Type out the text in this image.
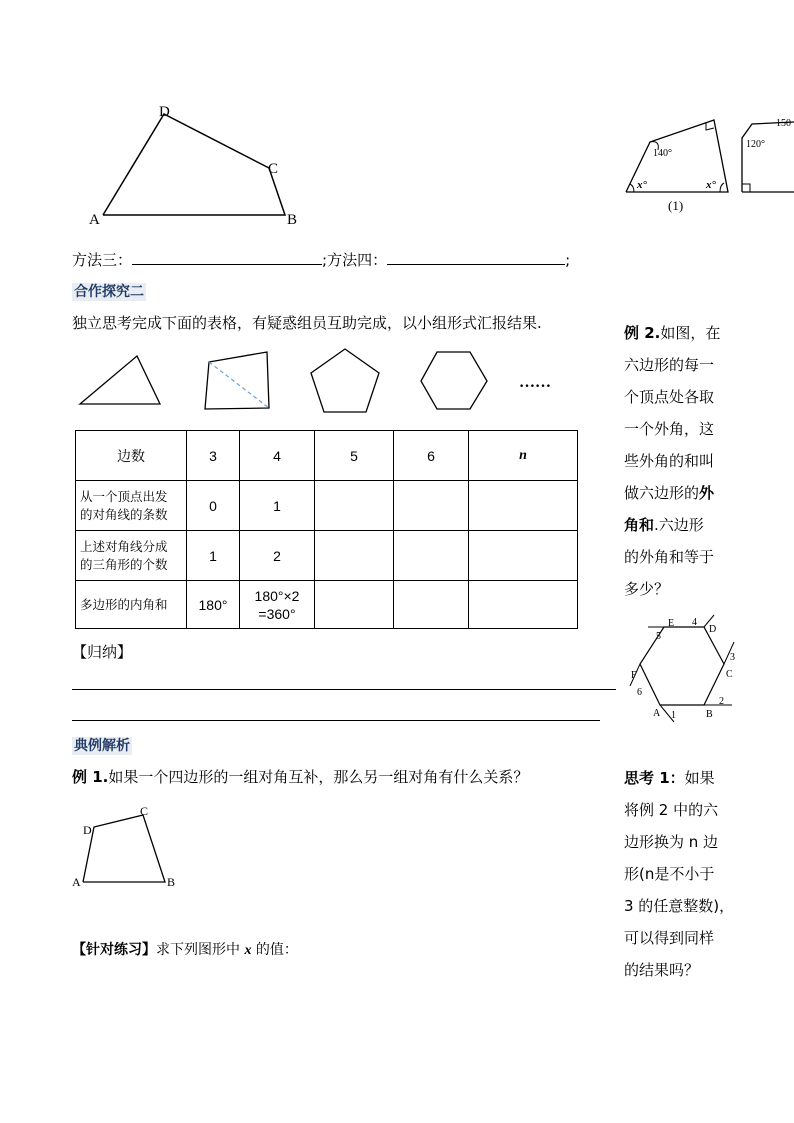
D
C
A	B
方法三：	;方法四：	;
合作探究二
独立思考完成下面的表格，有疑惑组员互助完成，以小组形式汇报结果.
……
边数	3	4	5	6	n
从一个顶点出发
的对角线的条数	0	1			
上述对角线分成
的三角形的个数	1	2			
多边形的内角和	180°	180°×2
=360°			
【归纳】
典例解析
例 1.如果一个四边形的一组对角互补，那么另一组对角有什么关系？
D
C
A	B
【针对练习】求下列图形中 x 的值：
140°
x°	x°
(1)
120°
150
例 2.如图，在
六边形的每一
个顶点处各取
一个外角，这
些外角的和叫
做六边形的外
角和.六边形
的外角和等于
多少？
E
D
C
B
A
F
1
2
3
4
5
6
思考 1：如果
将例 2 中的六
边形换为 n 边
形(n是不小于
3 的任意整数)，
可以得到同样
的结果吗？
